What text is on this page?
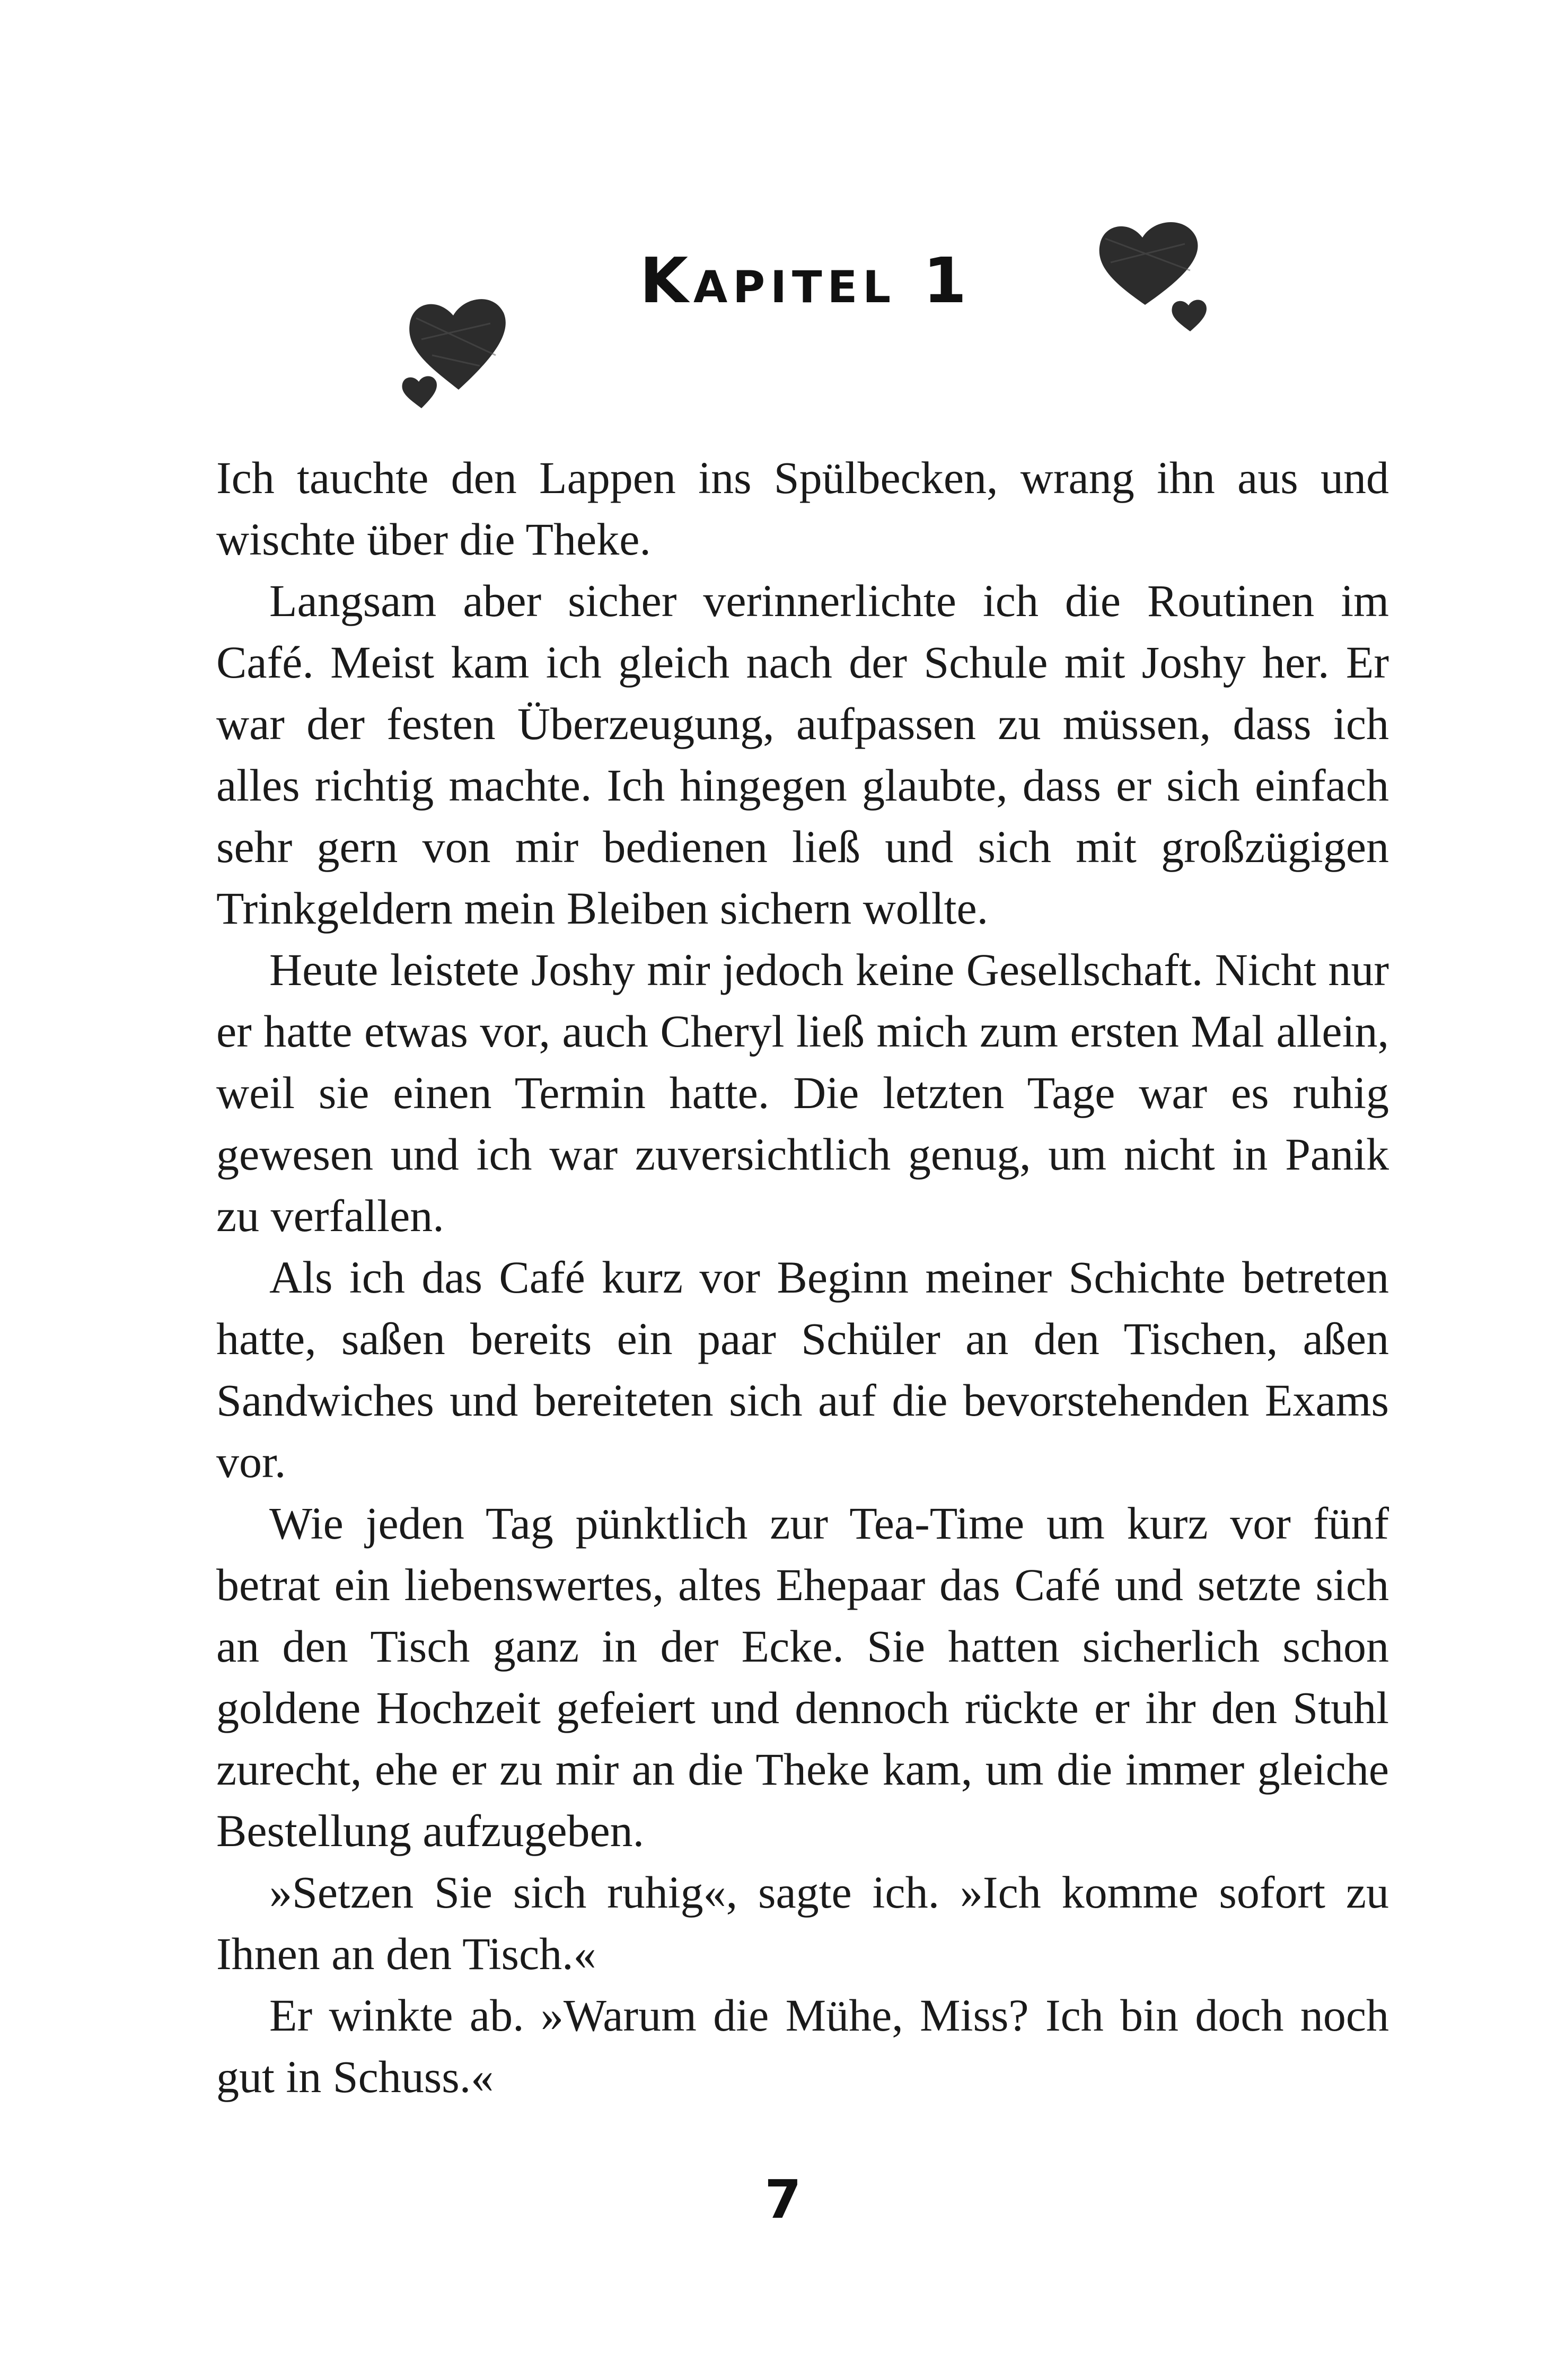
Kapitel 1

Ich tauchte den Lappen ins Spülbecken, wrang ihn aus und wischte über die Theke.

Langsam aber sicher verinnerlichte ich die Routinen im Café. Meist kam ich gleich nach der Schule mit Joshy her. Er war der festen Überzeugung, aufpassen zu müssen, dass ich alles richtig machte. Ich hingegen glaubte, dass er sich einfach sehr gern von mir bedienen ließ und sich mit großzügigen Trinkgeldern mein Bleiben sichern wollte.

Heute leistete Joshy mir jedoch keine Gesellschaft. Nicht nur er hatte etwas vor, auch Cheryl ließ mich zum ersten Mal allein, weil sie einen Termin hatte. Die letzten Tage war es ruhig gewesen und ich war zuversichtlich genug, um nicht in Panik zu verfallen.

Als ich das Café kurz vor Beginn meiner Schichte betreten hatte, saßen bereits ein paar Schüler an den Tischen, aßen Sandwiches und bereiteten sich auf die bevorstehenden Exams vor.

Wie jeden Tag pünktlich zur Tea-Time um kurz vor fünf betrat ein liebenswertes, altes Ehepaar das Café und setzte sich an den Tisch ganz in der Ecke. Sie hatten sicherlich schon goldene Hochzeit gefeiert und dennoch rückte er ihr den Stuhl zurecht, ehe er zu mir an die Theke kam, um die immer gleiche Bestellung aufzugeben.

»Setzen Sie sich ruhig«, sagte ich. »Ich komme sofort zu Ihnen an den Tisch.«

Er winkte ab. »Warum die Mühe, Miss? Ich bin doch noch gut in Schuss.«

7
